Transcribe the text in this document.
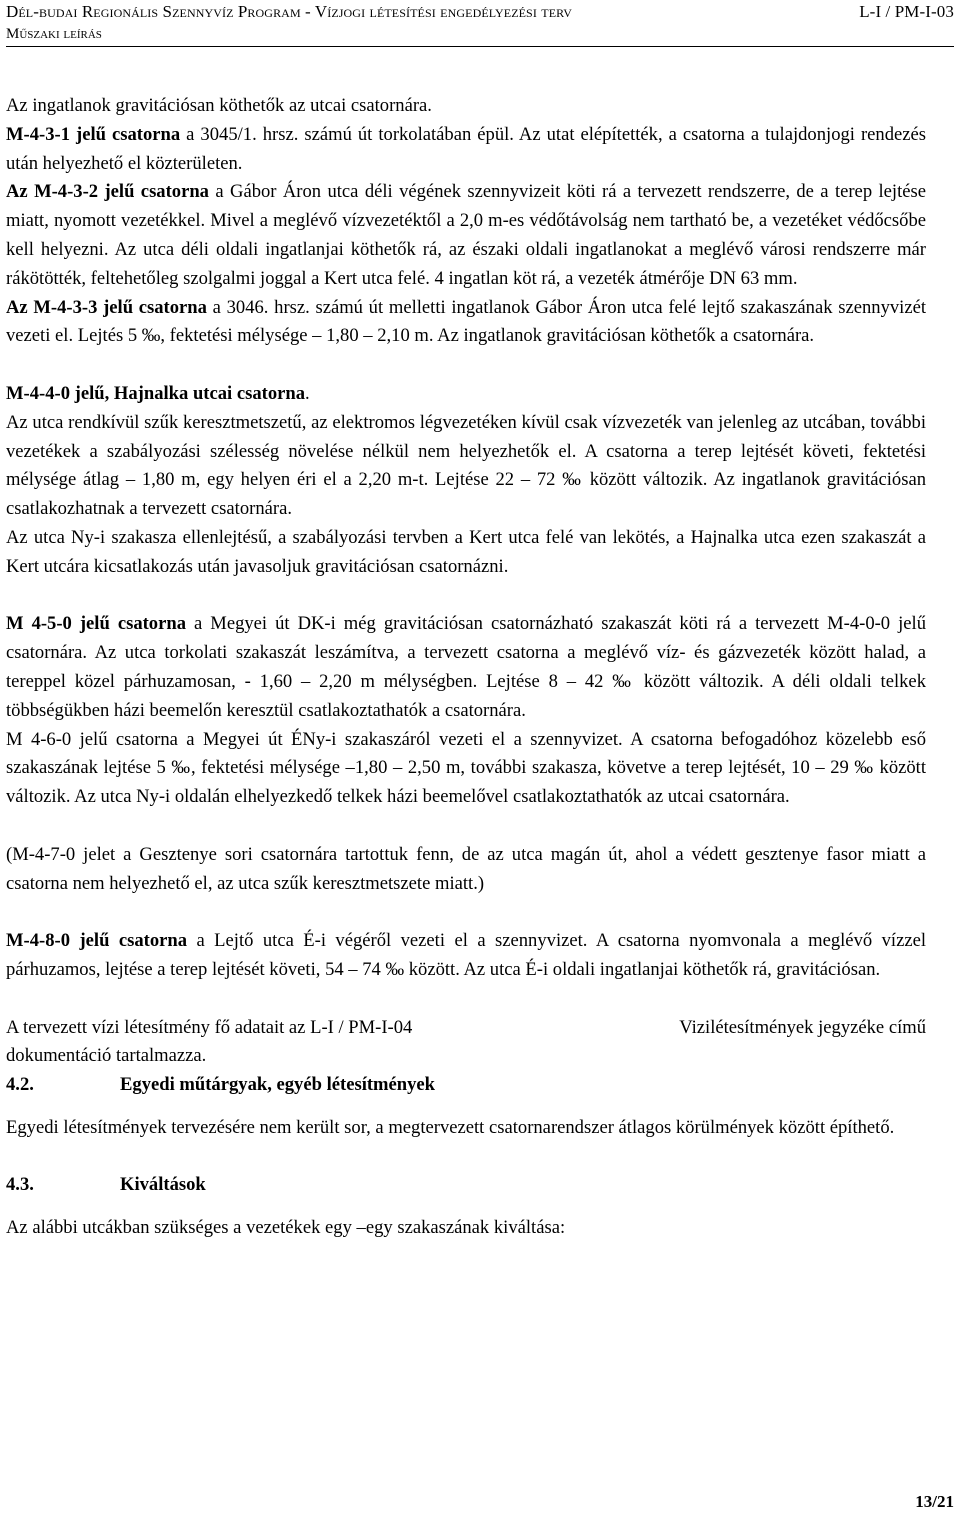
Dél-budai Regionális Szennyvíz Program - Vízjogi létesítési engedélyezési terv	L-I / PM-I-03
Műszaki leírás

Az ingatlanok gravitációsan köthetők az utcai csatornára.

M-4-3-1 jelű csatorna a 3045/1. hrsz. számú út torkolatában épül. Az utat elépítették, a csatorna a tulajdonjogi rendezés után helyezhető el közterületen.

Az M-4-3-2 jelű csatorna a Gábor Áron utca déli végének szennyvizeit köti rá a tervezett rendszerre, de a terep lejtése miatt, nyomott vezetékkel. Mivel a meglévő vízvezetéktől a 2,0 m-es védőtávolság nem tartható be, a vezetéket védőcsőbe kell helyezni. Az utca déli oldali ingatlanjai köthetők rá, az északi oldali ingatlanokat a meglévő városi rendszerre már rákötötték, feltehetőleg szolgalmi joggal a Kert utca felé. 4 ingatlan köt rá, a vezeték átmérője DN 63 mm.

Az M-4-3-3 jelű csatorna a 3046. hrsz. számú út melletti ingatlanok Gábor Áron utca felé lejtő szakaszának szennyvizét vezeti el. Lejtés 5 ‰, fektetési mélysége – 1,80 – 2,10 m. Az ingatlanok gravitációsan köthetők a csatornára.

M-4-4-0 jelű, Hajnalka utcai csatorna.

Az utca rendkívül szűk keresztmetszetű, az elektromos légvezetéken kívül csak vízvezeték van jelenleg az utcában, további vezetékek a szabályozási szélesség növelése nélkül nem helyezhetők el. A csatorna a terep lejtését követi, fektetési mélysége átlag – 1,80 m, egy helyen éri el a 2,20 m-t. Lejtése 22 – 72 ‰ között változik. Az ingatlanok gravitációsan csatlakozhatnak a tervezett csatornára.

Az utca Ny-i szakasza ellenlejtésű, a szabályozási tervben a Kert utca felé van lekötés, a Hajnalka utca ezen szakaszát a Kert utcára kicsatlakozás után javasoljuk gravitációsan csatornázni.

M 4-5-0 jelű csatorna a Megyei út DK-i még gravitációsan csatornázható szakaszát köti rá a tervezett M-4-0-0 jelű csatornára. Az utca torkolati szakaszát leszámítva, a tervezett csatorna a meglévő víz- és gázvezeték között halad, a tereppel közel párhuzamosan, - 1,60 – 2,20 m mélységben. Lejtése 8 – 42 ‰ között változik. A déli oldali telkek többségükben házi beemelőn keresztül csatlakoztathatók a csatornára.

M 4-6-0 jelű csatorna a Megyei út ÉNy-i szakaszáról vezeti el a szennyvizet. A csatorna befogadóhoz közelebb eső szakaszának lejtése 5 ‰, fektetési mélysége –1,80 – 2,50 m, további szakasza, követve a terep lejtését, 10 – 29 ‰ között változik. Az utca Ny-i oldalán elhelyezkedő telkek házi beemelővel csatlakoztathatók az utcai csatornára.

(M-4-7-0 jelet a Gesztenye sori csatornára tartottuk fenn, de az utca magán út, ahol a védett gesztenye fasor miatt a csatorna nem helyezhető el, az utca szűk keresztmetszete miatt.)

M-4-8-0 jelű csatorna a Lejtő utca É-i végéről vezeti el a szennyvizet. A csatorna nyomvonala a meglévő vízzel párhuzamos, lejtése a terep lejtését követi, 54 – 74 ‰ között. Az utca É-i oldali ingatlanjai köthetők rá, gravitációsan.

A tervezett vízi létesítmény fő adatait az L-I / PM-I-04	Vizilétesítmények jegyzéke című

dokumentáció tartalmazza.

4.2.	Egyedi műtárgyak, egyéb létesítmények

Egyedi létesítmények tervezésére nem került sor, a megtervezett csatornarendszer átlagos körülmények között építhető.

4.3.	Kiváltások

Az alábbi utcákban szükséges a vezetékek egy –egy szakaszának kiváltása:

13/21
